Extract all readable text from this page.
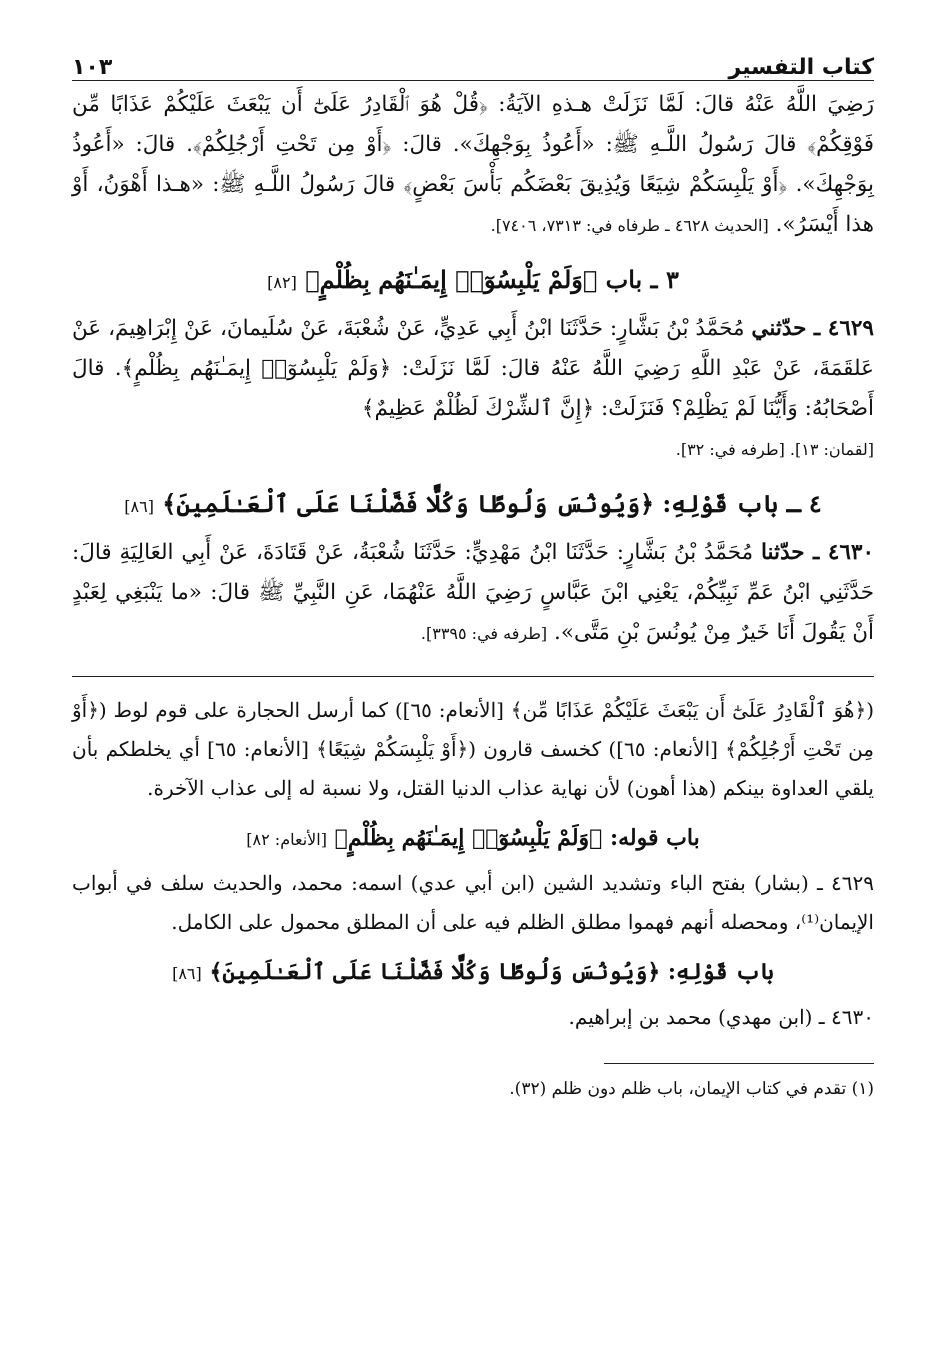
كتاب التفسير
١٠٣

رَضِيَ اللَّهُ عَنْهُ قالَ: لَمَّا نَزَلَتْ هـذهِ الآيَةُ: ﴿قُلْ هُوَ ٱلْقَادِرُ عَلَىٰٓ أَن يَبْعَثَ عَلَيْكُمْ عَذَابًا مِّن فَوْقِكُمْ﴾ قالَ رَسُولُ اللَّـهِ ﷺ: «أَعُوذُ بِوَجْهِكَ». قالَ: ﴿أَوْ مِن تَحْتِ أَرْجُلِكُمْ﴾. قالَ: «أَعُوذُ بِوَجْهِكَ». ﴿أَوْ يَلْبِسَكُمْ شِيَعًا وَيُذِيقَ بَعْضَكُم بَأْسَ بَعْضٍ﴾ قالَ رَسُولُ اللَّـهِ ﷺ: «هـذا أَهْوَنُ، أَوْ هذا أَيْسَرُ». [الحديث ٤٦٢٨ ـ طرفاه في: ٧٣١٣، ٧٤٠٦].

٣ ـ باب ﴿وَلَمْ يَلْبِسُوٓا۟ إِيمَـٰنَهُم بِظُلْمٍ﴾ [٨٢]

٤٦٢٩ ـ حدّثني مُحَمَّدُ بْنُ بَشَّارٍ: حَدَّثَنَا ابْنُ أَبِي عَدِيٍّ، عَنْ شُعْبَةَ، عَنْ سُلَيمانَ، عَنْ إِبْرَاهِيمَ، عَنْ عَلقَمَةَ، عَنْ عَبْدِ اللَّهِ رَضِيَ اللَّهُ عَنْهُ قالَ: لَمَّا نَزَلَتْ: ﴿وَلَمْ يَلْبِسُوٓا۟ إِيمَـٰنَهُم بِظُلْمٍ﴾. قالَ أَصْحَابُهُ: وَأَيُّنَا لَمْ يَظْلِمْ؟ فَنَزَلَتْ: ﴿إِنَّ ٱلشِّرْكَ لَظُلْمٌ عَظِيمٌ﴾
[لقمان: ١٣]. [طرفه في: ٣٢].

٤ ـ باب قَوْلِهِ: ﴿وَيُونُسَ وَلُوطًا وَكُلًّا فَضَّلْنَا عَلَى ٱلْعَـٰلَمِينَ﴾ [٨٦]

٤٦٣٠ ـ حدّثنا مُحَمَّدُ بْنُ بَشَّارٍ: حَدَّثَنَا ابْنُ مَهْدِيٍّ: حَدَّثَنَا شُعْبَةُ، عَنْ قَتَادَةَ، عَنْ أَبِي العَالِيَةِ قالَ: حَدَّثَنِي ابْنُ عَمِّ نَبِيِّكُمْ، يَعْنِي ابْنَ عَبَّاسٍ رَضِيَ اللَّهُ عَنْهُمَا، عَنِ النَّبِيِّ ﷺ قالَ: «ما يَنْبَغِي لِعَبْدٍ أَنْ يَقُولَ أَنَا خَيرٌ مِنْ يُونُسَ بْنِ مَتَّى». [طرفه في: ٣٣٩٥].

(﴿هُوَ ٱلْقَادِرُ عَلَىٰٓ أَن يَبْعَثَ عَلَيْكُمْ عَذَابًا مِّن﴾ [الأنعام: ٦٥]) كما أرسل الحجارة على قوم لوط (﴿أَوْ مِن تَحْتِ أَرْجُلِكُمْ﴾ [الأنعام: ٦٥]) كخسف قارون (﴿أَوْ يَلْبِسَكُمْ شِيَعًا﴾ [الأنعام: ٦٥] أي يخلطكم بأن يلقي العداوة بينكم (هذا أهون) لأن نهاية عذاب الدنيا القتل، ولا نسبة له إلى عذاب الآخرة.

باب قوله: ﴿وَلَمْ يَلْبِسُوٓا۟ إِيمَـٰنَهُم بِظُلْمٍ﴾ [الأنعام: ٨٢]

٤٦٢٩ ـ (بشار) بفتح الباء وتشديد الشين (ابن أبي عدي) اسمه: محمد، والحديث سلف في أبواب الإيمان⁽¹⁾، ومحصله أنهم فهموا مطلق الظلم فيه على أن المطلق محمول على الكامل.

باب قَوْلِهِ: ﴿وَيُونُسَ وَلُوطًا وَكُلًّا فَضَّلْنَا عَلَى ٱلْعَـٰلَمِينَ﴾ [٨٦]

٤٦٣٠ ـ (ابن مهدي) محمد بن إبراهيم.

(١) تقدم في كتاب الإيمان، باب ظلم دون ظلم (٣٢).
